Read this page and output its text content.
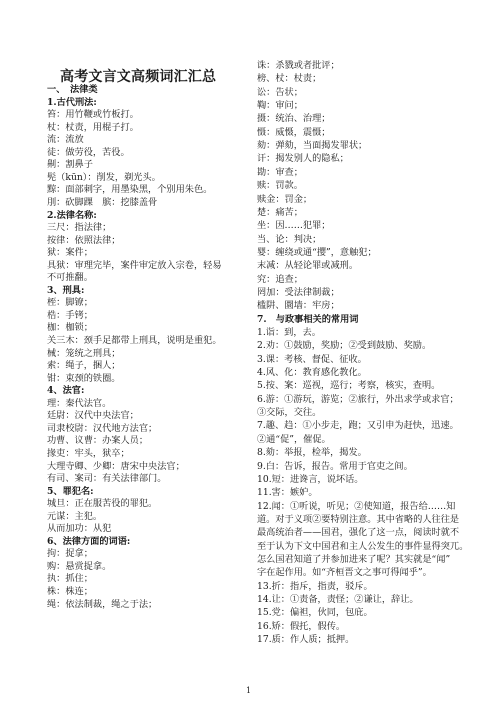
高考文言文高频词汇汇总
一、　法律类
1.古代刑法:
笞：用竹鞭或竹板打。
杖：杖责，用棍子打。
流：流放
徒：做劳役，苦役。
劓：割鼻子
髡（kūn）：削发，剃光头。
黥：面部刺字，用墨染黑，个别用朱色。
刖：砍脚踝　膑：挖膝盖骨
2.法律名称:
三尺：指法律；
按律：依照法律；
狱：案件；
具狱：审理完毕，案件审定放入宗卷，轻易
不可推翻。
3、刑具:
桎：脚镣；
梏：手铐；
枷：枷锁；
关三木：颈手足都带上刑具，说明是重犯。
械：笼统之刑具；
索：绳子，捆人；
钳：束颈的铁圈。
4、法官:
理：秦代法官。
廷尉：汉代中央法官；
司隶校尉：汉代地方法官；
功曹、议曹：办案人员；
掾吏：牢头，狱卒；
大理寺卿、少卿：唐宋中央法官；
有司、案司：有关法律部门。
5、罪犯名:
城旦：正在服苦役的罪犯。
元谋：主犯。
从而加功：从犯
6、法律方面的词语:
拘：捉拿；
购：悬赏捉拿。
执：抓住；
株：株连；
绳：依法制裁，绳之于法；
诛：杀戮或者批评；
榜、杖：杖责；
讼：告状；
鞫：审问；
摄：统治、治理；
慑：威慑，震慑；
劾：弹劾，当面揭发罪状；
讦：揭发别人的隐私；
勘：审查；
赎：罚款。
赎金：罚金；
楚：痛苦；
坐：因……犯罪；
当、论：判决；
婴：缠绕或通“撄”，意触犯；
末减：从轻论罪或减刑。
究：追查；
罔加：受法律制裁；
槛阱、圜墙：牢房；
7.　与政事相关的常用词
1.诣：到，去。
2.劝：①鼓励，奖励；②受到鼓励、奖励。
3.课：考核、督促、征收。
4.风、化：教育感化教化。
5.按、案：巡视，巡行；考察，核实，查明。
6.游：①游玩，游览；②旅行，外出求学或求官；
③交际，交往。
7.趣、趋：①小步走，跑；又引申为赶快，迅速。
②通“促”，催促。
8.劾：举报，检举，揭发。
9.白：告诉，报告。常用于官吏之间。
10.短：进谗言，说坏话。
11.害：嫉妒。
12.闻：①听说，听见；②使知道，报告给……知
道。对于义项②要特别注意。其中省略的人往往是
最高统治者——国君，强化了这一点，阅读时就不
至于认为下文中国君和主人公发生的事件显得突兀。
怎么国君知道了并参加进来了呢？其实就是“闻”
字在起作用。如“齐桓晋文之事可得闻乎”。
13.折：指斥，指责，驳斥。
14.让：①责备，责怪；②谦让，辞让。
15.党：偏袒，伙同，包庇。
16.矫：假托，假传。
17.质：作人质；抵押。
1
